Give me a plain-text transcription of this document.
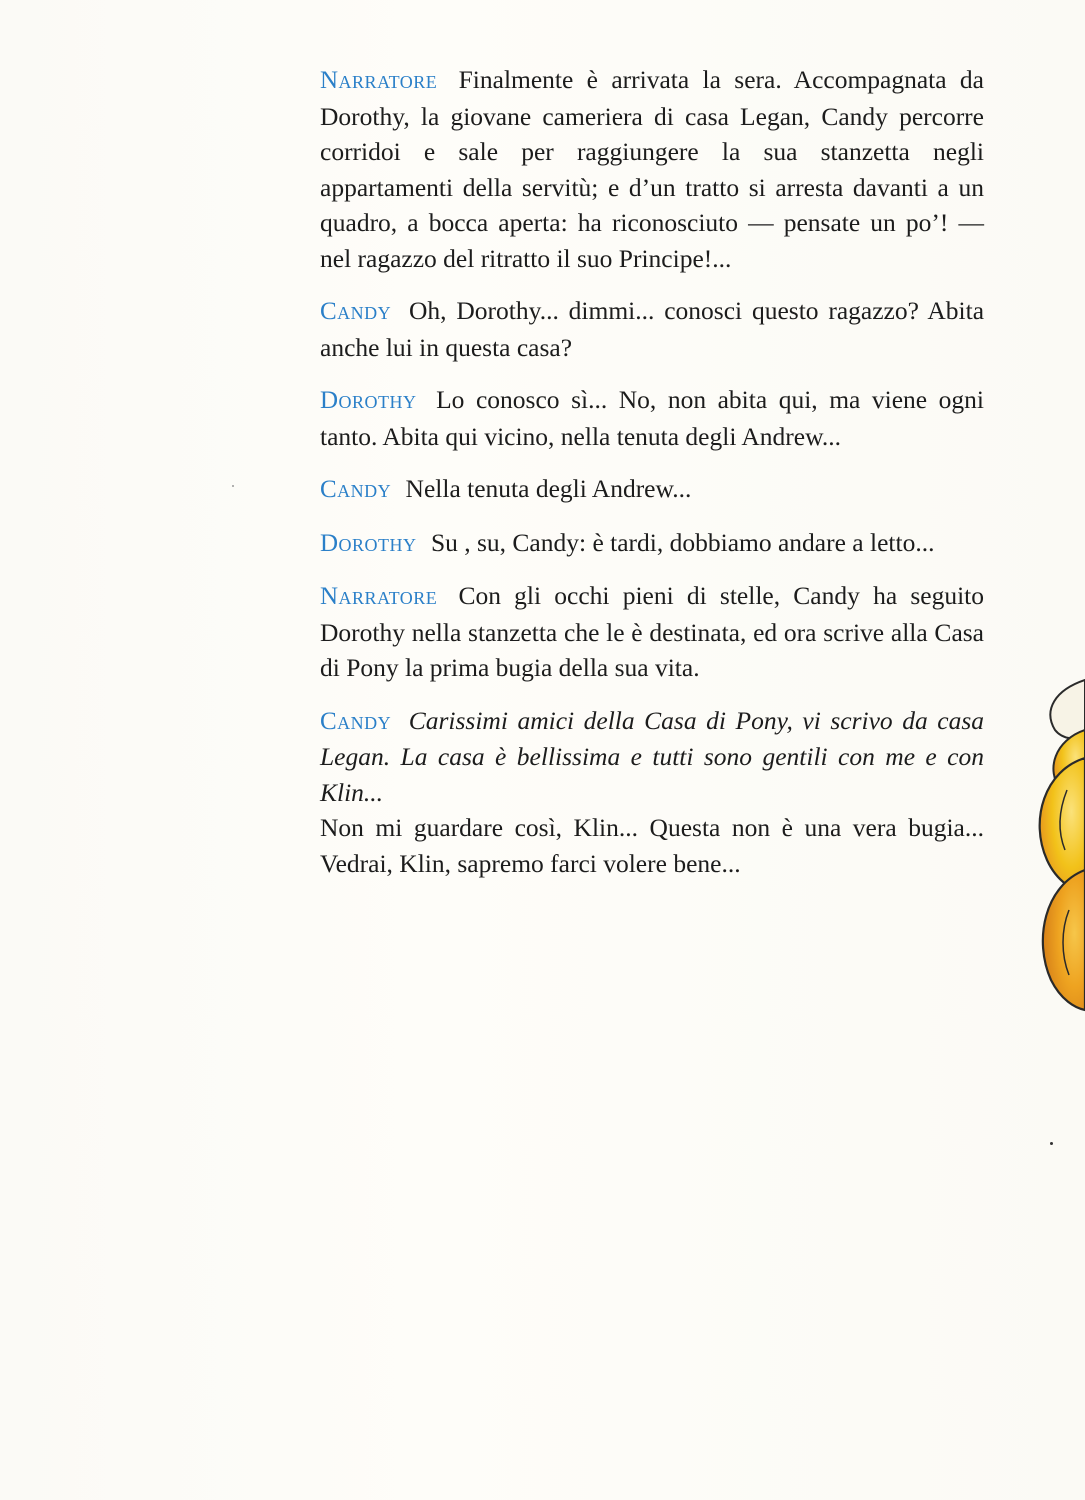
Narratore Finalmente è arrivata la sera. Accompagnata da Dorothy, la giovane cameriera di casa Legan, Candy percorre corridoi e sale per raggiungere la sua stanzetta negli appartamenti della servitù; e d’un tratto si arresta davanti a un quadro, a bocca aperta: ha riconosciuto — pensate un po’! — nel ragazzo del ritratto il suo Principe!...

Candy Oh, Dorothy... dimmi... conosci questo ragazzo? Abita anche lui in questa casa?

Dorothy Lo conosco sì... No, non abita qui, ma viene ogni tanto. Abita qui vicino, nella tenuta degli Andrew...

Candy Nella tenuta degli Andrew...

Dorothy Su , su, Candy: è tardi, dobbiamo andare a letto...

Narratore Con gli occhi pieni di stelle, Candy ha seguito Dorothy nella stanzetta che le è destinata, ed ora scrive alla Casa di Pony la prima bugia della sua vita.

Candy Carissimi amici della Casa di Pony, vi scrivo da casa Legan. La casa è bellissima e tutti sono gentili con me e con Klin...
Non mi guardare così, Klin... Questa non è una vera bugia... Vedrai, Klin, sapremo farci volere bene...
